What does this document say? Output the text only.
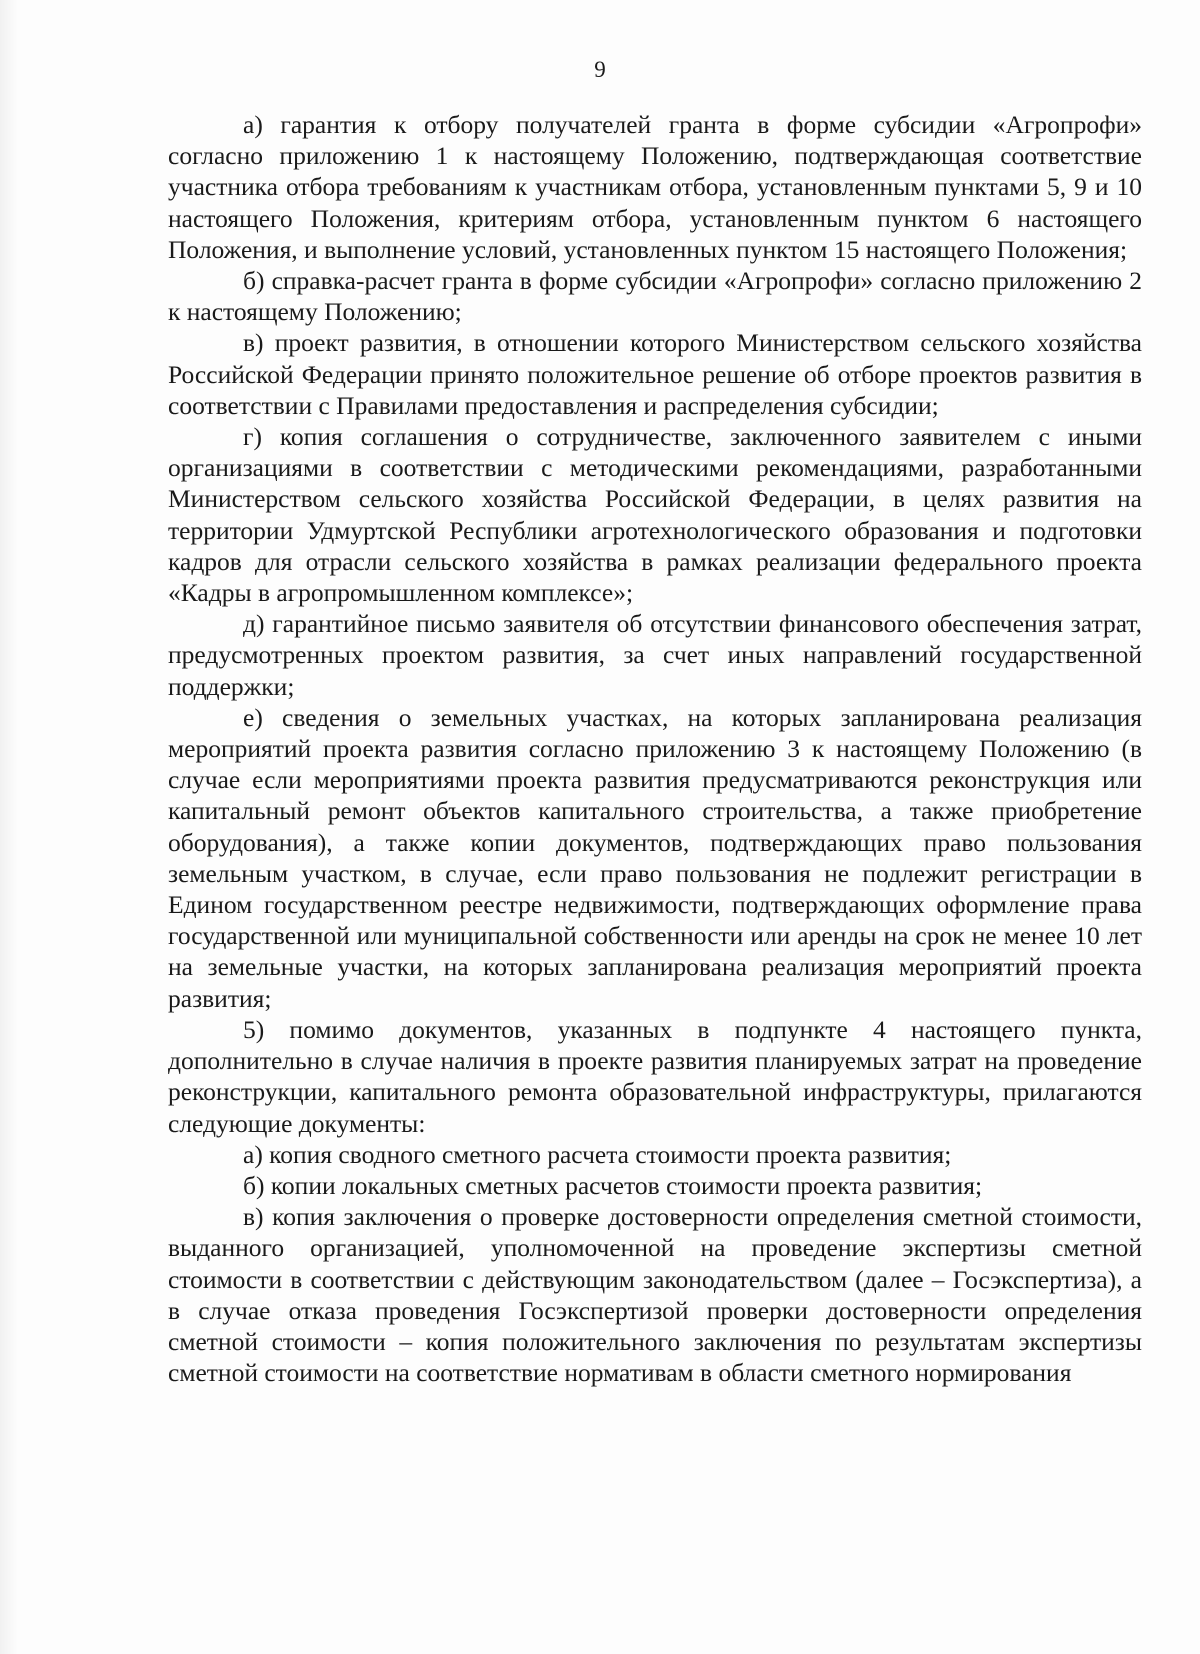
9

а) гарантия к отбору получателей гранта в форме субсидии «Агропрофи» согласно приложению 1 к настоящему Положению, подтверждающая соответствие участника отбора требованиям к участникам отбора, установленным пунктами 5, 9 и 10 настоящего Положения, критериям отбора, установленным пунктом 6 настоящего Положения, и выполнение условий, установленных пунктом 15 настоящего Положения;

б) справка-расчет гранта в форме субсидии «Агропрофи» согласно приложению 2 к настоящему Положению;

в) проект развития, в отношении которого Министерством сельского хозяйства Российской Федерации принято положительное решение об отборе проектов развития в соответствии с Правилами предоставления и распределения субсидии;

г) копия соглашения о сотрудничестве, заключенного заявителем с иными организациями в соответствии с методическими рекомендациями, разработанными Министерством сельского хозяйства Российской Федерации, в целях развития на территории Удмуртской Республики агротехнологического образования и подготовки кадров для отрасли сельского хозяйства в рамках реализации федерального проекта «Кадры в агропромышленном комплексе»;

д) гарантийное письмо заявителя об отсутствии финансового обеспечения затрат, предусмотренных проектом развития, за счет иных направлений государственной поддержки;

е) сведения о земельных участках, на которых запланирована реализация мероприятий проекта развития согласно приложению 3 к настоящему Положению (в случае если мероприятиями проекта развития предусматриваются реконструкция или капитальный ремонт объектов капитального строительства, а также приобретение оборудования), а также копии документов, подтверждающих право пользования земельным участком, в случае, если право пользования не подлежит регистрации в Едином государственном реестре недвижимости, подтверждающих оформление права государственной или муниципальной собственности или аренды на срок не менее 10 лет на земельные участки, на которых запланирована реализация мероприятий проекта развития;

5) помимо документов, указанных в подпункте 4 настоящего пункта, дополнительно в случае наличия в проекте развития планируемых затрат на проведение реконструкции, капитального ремонта образовательной инфраструктуры, прилагаются следующие документы:

а) копия сводного сметного расчета стоимости проекта развития;

б) копии локальных сметных расчетов стоимости проекта развития;

в) копия заключения о проверке достоверности определения сметной стоимости, выданного организацией, уполномоченной на проведение экспертизы сметной стоимости в соответствии с действующим законодательством (далее – Госэкспертиза), а в случае отказа проведения Госэкспертизой проверки достоверности определения сметной стоимости – копия положительного заключения по результатам экспертизы сметной стоимости на соответствие нормативам в области сметного нормирования
